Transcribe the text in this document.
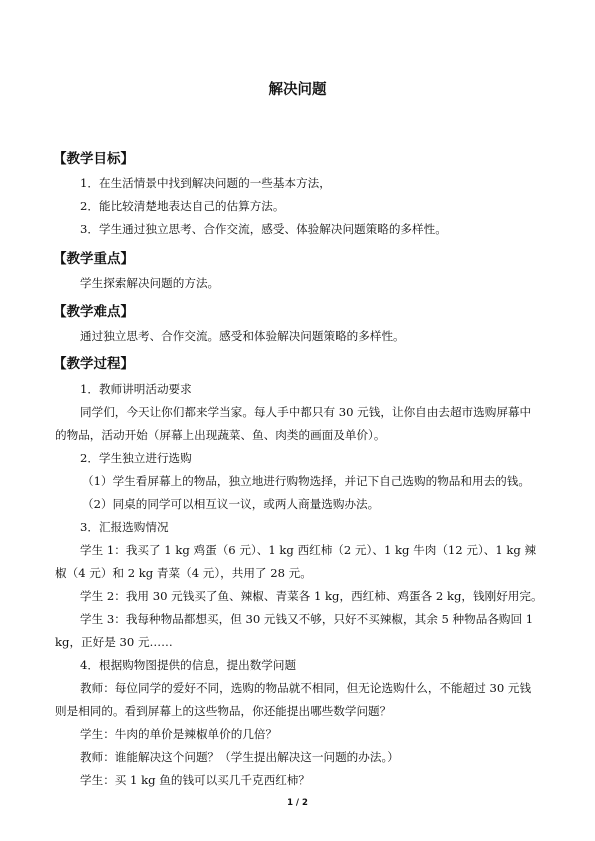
解决问题
【教学目标】
1．在生活情景中找到解决问题的一些基本方法，
2．能比较清楚地表达自己的估算方法。
3．学生通过独立思考、合作交流，感受、体验解决问题策略的多样性。
【教学重点】
学生探索解决问题的方法。
【教学难点】
通过独立思考、合作交流。感受和体验解决问题策略的多样性。
【教学过程】
1．教师讲明活动要求
同学们，今天让你们都来学当家。每人手中都只有 30 元钱，让你自由去超市选购屏幕中
的物品，活动开始（屏幕上出现蔬菜、鱼、肉类的画面及单价）。
2．学生独立进行选购
（1）学生看屏幕上的物品，独立地进行购物选择，并记下自己选购的物品和用去的钱。
（2）同桌的同学可以相互议一议，或两人商量选购办法。
3．汇报选购情况
学生 1：我买了 1 kg 鸡蛋（6 元）、1 kg 西红柿（2 元）、1 kg 牛肉（12 元）、1 kg 辣
椒（4 元）和 2 kg 青菜（4 元），共用了 28 元。
学生 2：我用 30 元钱买了鱼、辣椒、青菜各 1 kg，西红柿、鸡蛋各 2 kg，钱刚好用完。
学生 3：我每种物品都想买，但 30 元钱又不够，只好不买辣椒，其余 5 种物品各购回 1
kg，正好是 30 元……
4．根据购物图提供的信息，提出数学问题
教师：每位同学的爱好不同，选购的物品就不相同，但无论选购什么，不能超过 30 元钱
则是相同的。看到屏幕上的这些物品，你还能提出哪些数学问题？
学生：牛肉的单价是辣椒单价的几倍？
教师：谁能解决这个问题？（学生提出解决这一问题的办法。）
学生：买 1 kg 鱼的钱可以买几千克西红柿？
1 / 2
